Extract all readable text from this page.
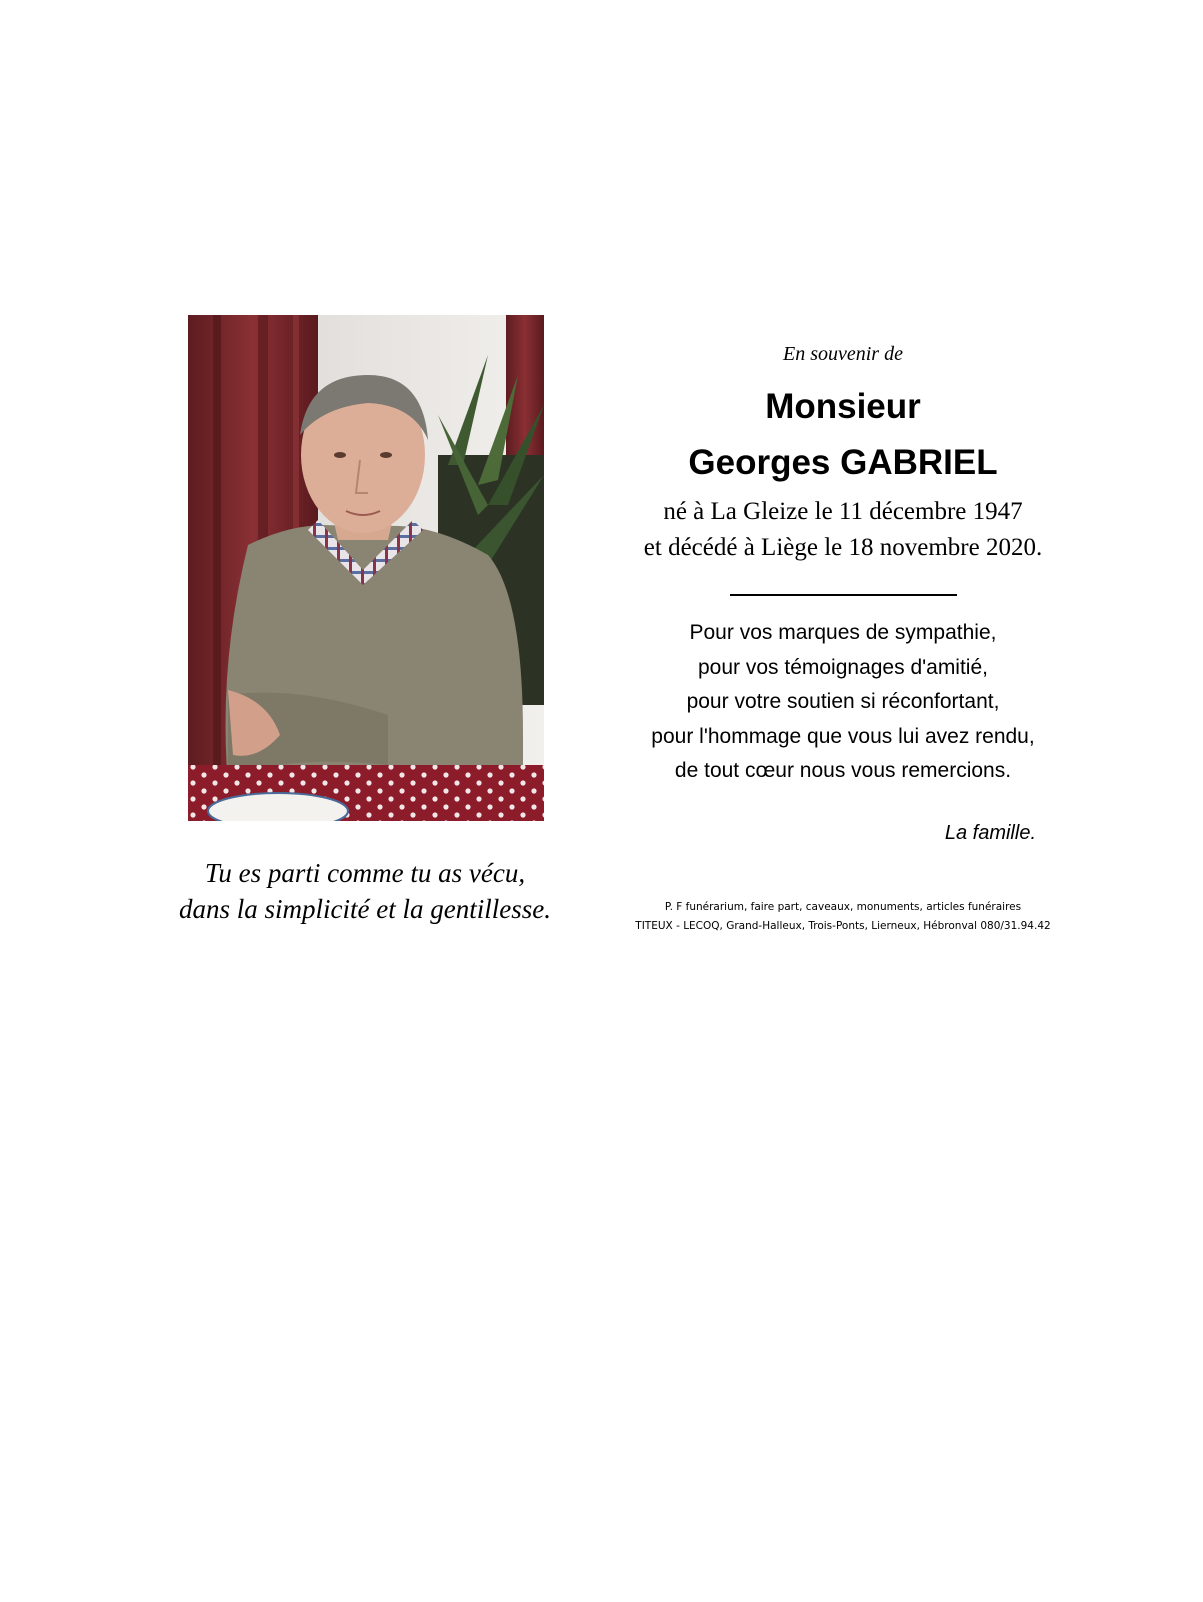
Tu es parti comme tu as vécu,
dans la simplicité et la gentillesse.
En souvenir de
Monsieur
Georges GABRIEL
né à La Gleize le 11 décembre 1947
et décédé à Liège le 18 novembre 2020.
Pour vos marques de sympathie,
pour vos témoignages d'amitié,
pour votre soutien si réconfortant,
pour l'hommage que vous lui avez rendu,
de tout cœur nous vous remercions.
La famille.
P. F funérarium, faire part, caveaux, monuments, articles funéraires
TITEUX - LECOQ, Grand-Halleux, Trois-Ponts, Lierneux, Hébronval 080/31.94.42
